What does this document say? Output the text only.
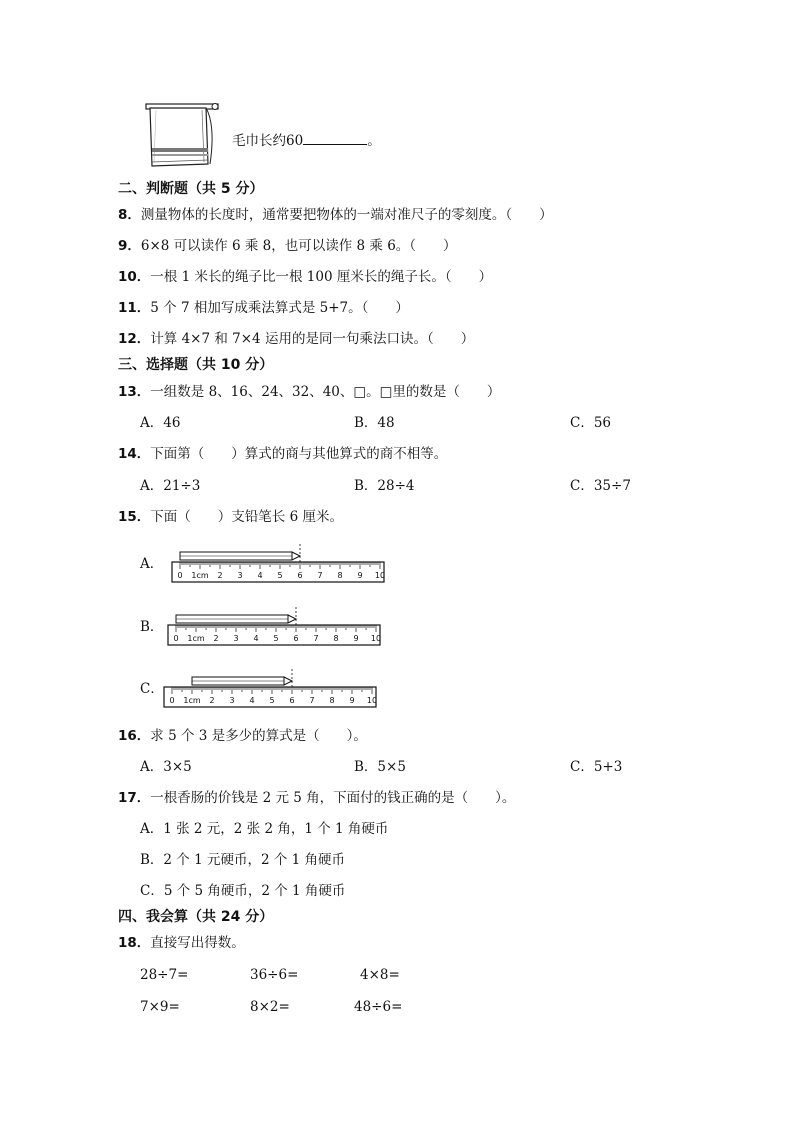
毛巾长约60	。
二、判断题（共 5 分）
8．测量物体的长度时，通常要把物体的一端对准尺子的零刻度。（　　）
9．6×8 可以读作 6 乘 8，也可以读作 8 乘 6。（　　）
10．一根 1 米长的绳子比一根 100 厘米长的绳子长。（　　）
11．5 个 7 相加写成乘法算式是 5+7。（　　）
12．计算 4×7 和 7×4 运用的是同一句乘法口诀。（　　）
三、选择题（共 10 分）
13．一组数是 8、16、24、32、40、□。□里的数是（　　）
A．46	B．48	C．56
14．下面第（　　）算式的商与其他算式的商不相等。
A．21÷3	B．28÷4	C．35÷7
15．下面（　　）支铅笔长 6 厘米。
A．
0 1cm 2 3 4 5 6 7 8 9 10
B．
0 1cm 2 3 4 5 6 7 8 9 10
C．
0 1cm 2 3 4 5 6 7 8 9 10
16．求 5 个 3 是多少的算式是（　　）。
A．3×5	B．5×5	C．5+3
17．一根香肠的价钱是 2 元 5 角，下面付的钱正确的是（　　）。
A．1 张 2 元，2 张 2 角，1 个 1 角硬币
B．2 个 1 元硬币，2 个 1 角硬币
C．5 个 5 角硬币，2 个 1 角硬币
四、我会算（共 24 分）
18．直接写出得数。
28÷7=	36÷6=	4×8=
7×9=	8×2=	48÷6=
